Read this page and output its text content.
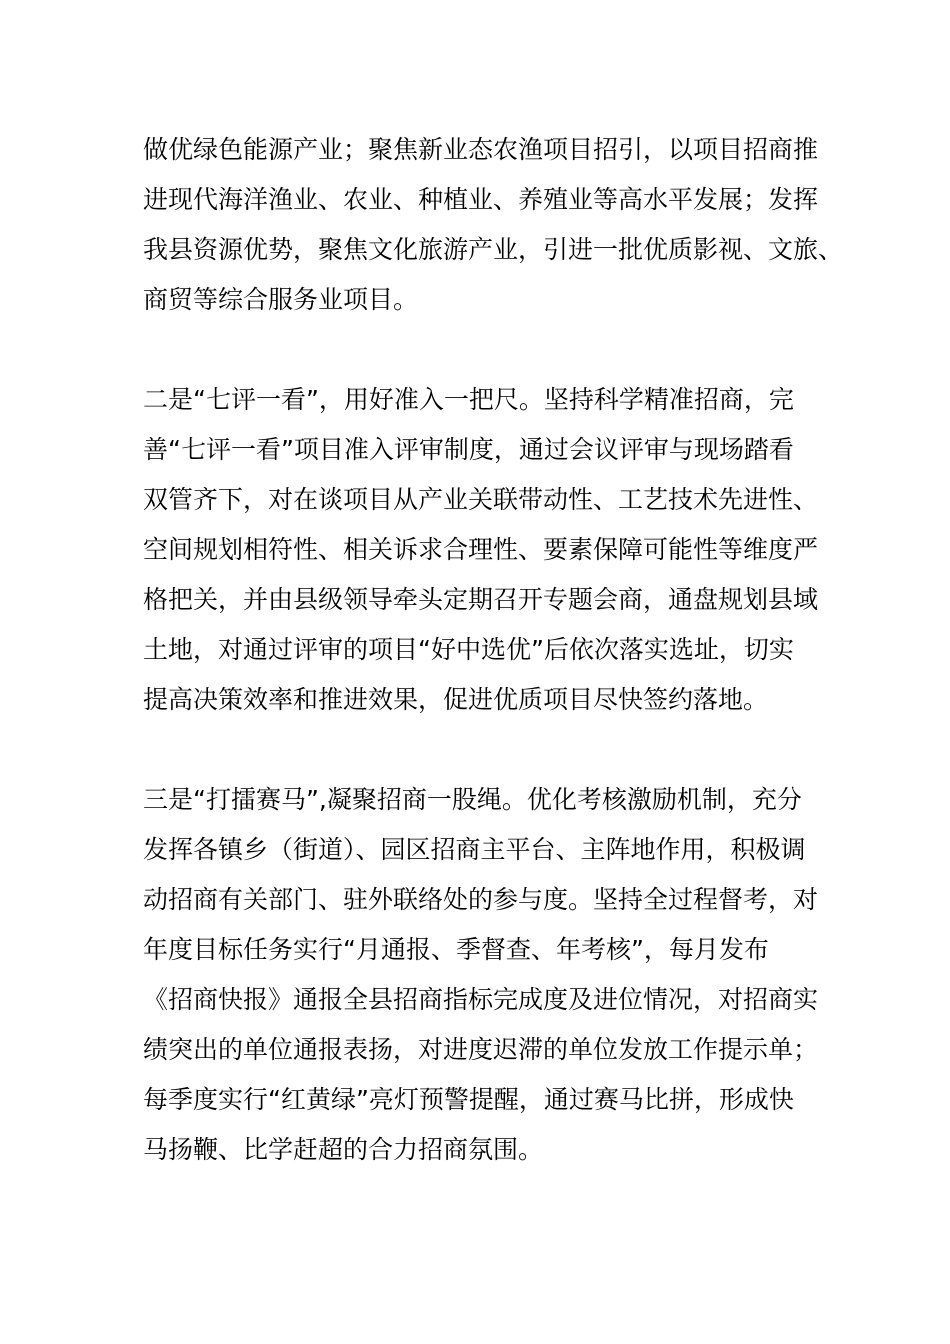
做优绿色能源产业；聚焦新业态农渔项目招引，以项目招商推
进现代海洋渔业、农业、种植业、养殖业等高水平发展；发挥
我县资源优势，聚焦文化旅游产业，引进一批优质影视、文旅、
商贸等综合服务业项目。

二是“七评一看”，用好准入一把尺。坚持科学精准招商，完
善“七评一看”项目准入评审制度，通过会议评审与现场踏看
双管齐下，对在谈项目从产业关联带动性、工艺技术先进性、
空间规划相符性、相关诉求合理性、要素保障可能性等维度严
格把关，并由县级领导牵头定期召开专题会商，通盘规划县域
土地，对通过评审的项目“好中选优”后依次落实选址，切实
提高决策效率和推进效果，促进优质项目尽快签约落地。

三是“打擂赛马”,凝聚招商一股绳。优化考核激励机制，充分
发挥各镇乡（街道）、园区招商主平台、主阵地作用，积极调
动招商有关部门、驻外联络处的参与度。坚持全过程督考，对
年度目标任务实行“月通报、季督查、年考核”，每月发布
《招商快报》通报全县招商指标完成度及进位情况，对招商实
绩突出的单位通报表扬，对进度迟滞的单位发放工作提示单；
每季度实行“红黄绿”亮灯预警提醒，通过赛马比拼，形成快
马扬鞭、比学赶超的合力招商氛围。
